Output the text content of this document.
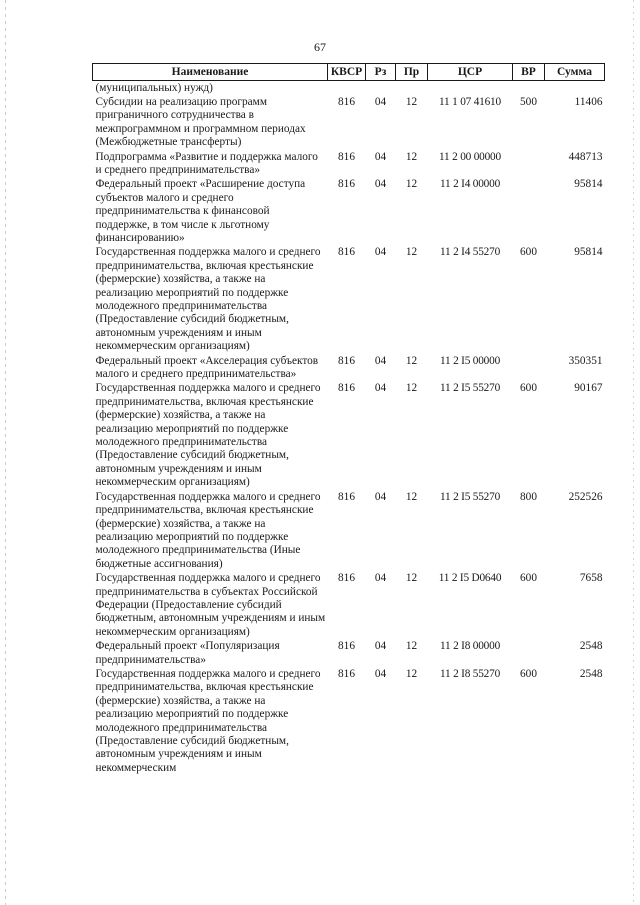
67
Наименование	КВСР	Рз	Пр	ЦСР	ВР	Сумма
(муниципальных) нужд)						
Субсидии на реализацию программ приграничного сотрудничества в межпрограммном и программном периодах (Межбюджетные трансферты)	816	04	12	11 1 07 41610	500	11406
Подпрограмма «Развитие и поддержка малого и среднего предпринимательства»	816	04	12	11 2 00 00000		448713
Федеральный проект «Расширение доступа субъектов малого и среднего предпринимательства к финансовой поддержке, в том числе к льготному финансированию»	816	04	12	11 2 I4 00000		95814
Государственная поддержка малого и среднего предпринимательства, включая крестьянские (фермерские) хозяйства, а также на реализацию мероприятий по поддержке молодежного предпринимательства (Предоставление субсидий бюджетным, автономным учреждениям и иным некоммерческим организациям)	816	04	12	11 2 I4 55270	600	95814
Федеральный проект «Акселерация субъектов малого и среднего предпринимательства»	816	04	12	11 2 I5 00000		350351
Государственная поддержка малого и среднего предпринимательства, включая крестьянские (фермерские) хозяйства, а также на реализацию мероприятий по поддержке молодежного предпринимательства (Предоставление субсидий бюджетным, автономным учреждениям и иным некоммерческим организациям)	816	04	12	11 2 I5 55270	600	90167
Государственная поддержка малого и среднего предпринимательства, включая крестьянские (фермерские) хозяйства, а также на реализацию мероприятий по поддержке молодежного предпринимательства (Иные бюджетные ассигнования)	816	04	12	11 2 I5 55270	800	252526
Государственная поддержка малого и среднего предпринимательства в субъектах Российской Федерации (Предоставление субсидий бюджетным, автономным учреждениям и иным некоммерческим организациям)	816	04	12	11 2 I5 D0640	600	7658
Федеральный проект «Популяризация предпринимательства»	816	04	12	11 2 I8 00000		2548
Государственная поддержка малого и среднего предпринимательства, включая крестьянские (фермерские) хозяйства, а также на реализацию мероприятий по поддержке молодежного предпринимательства (Предоставление субсидий бюджетным, автономным учреждениям и иным некоммерческим	816	04	12	11 2 I8 55270	600	2548
